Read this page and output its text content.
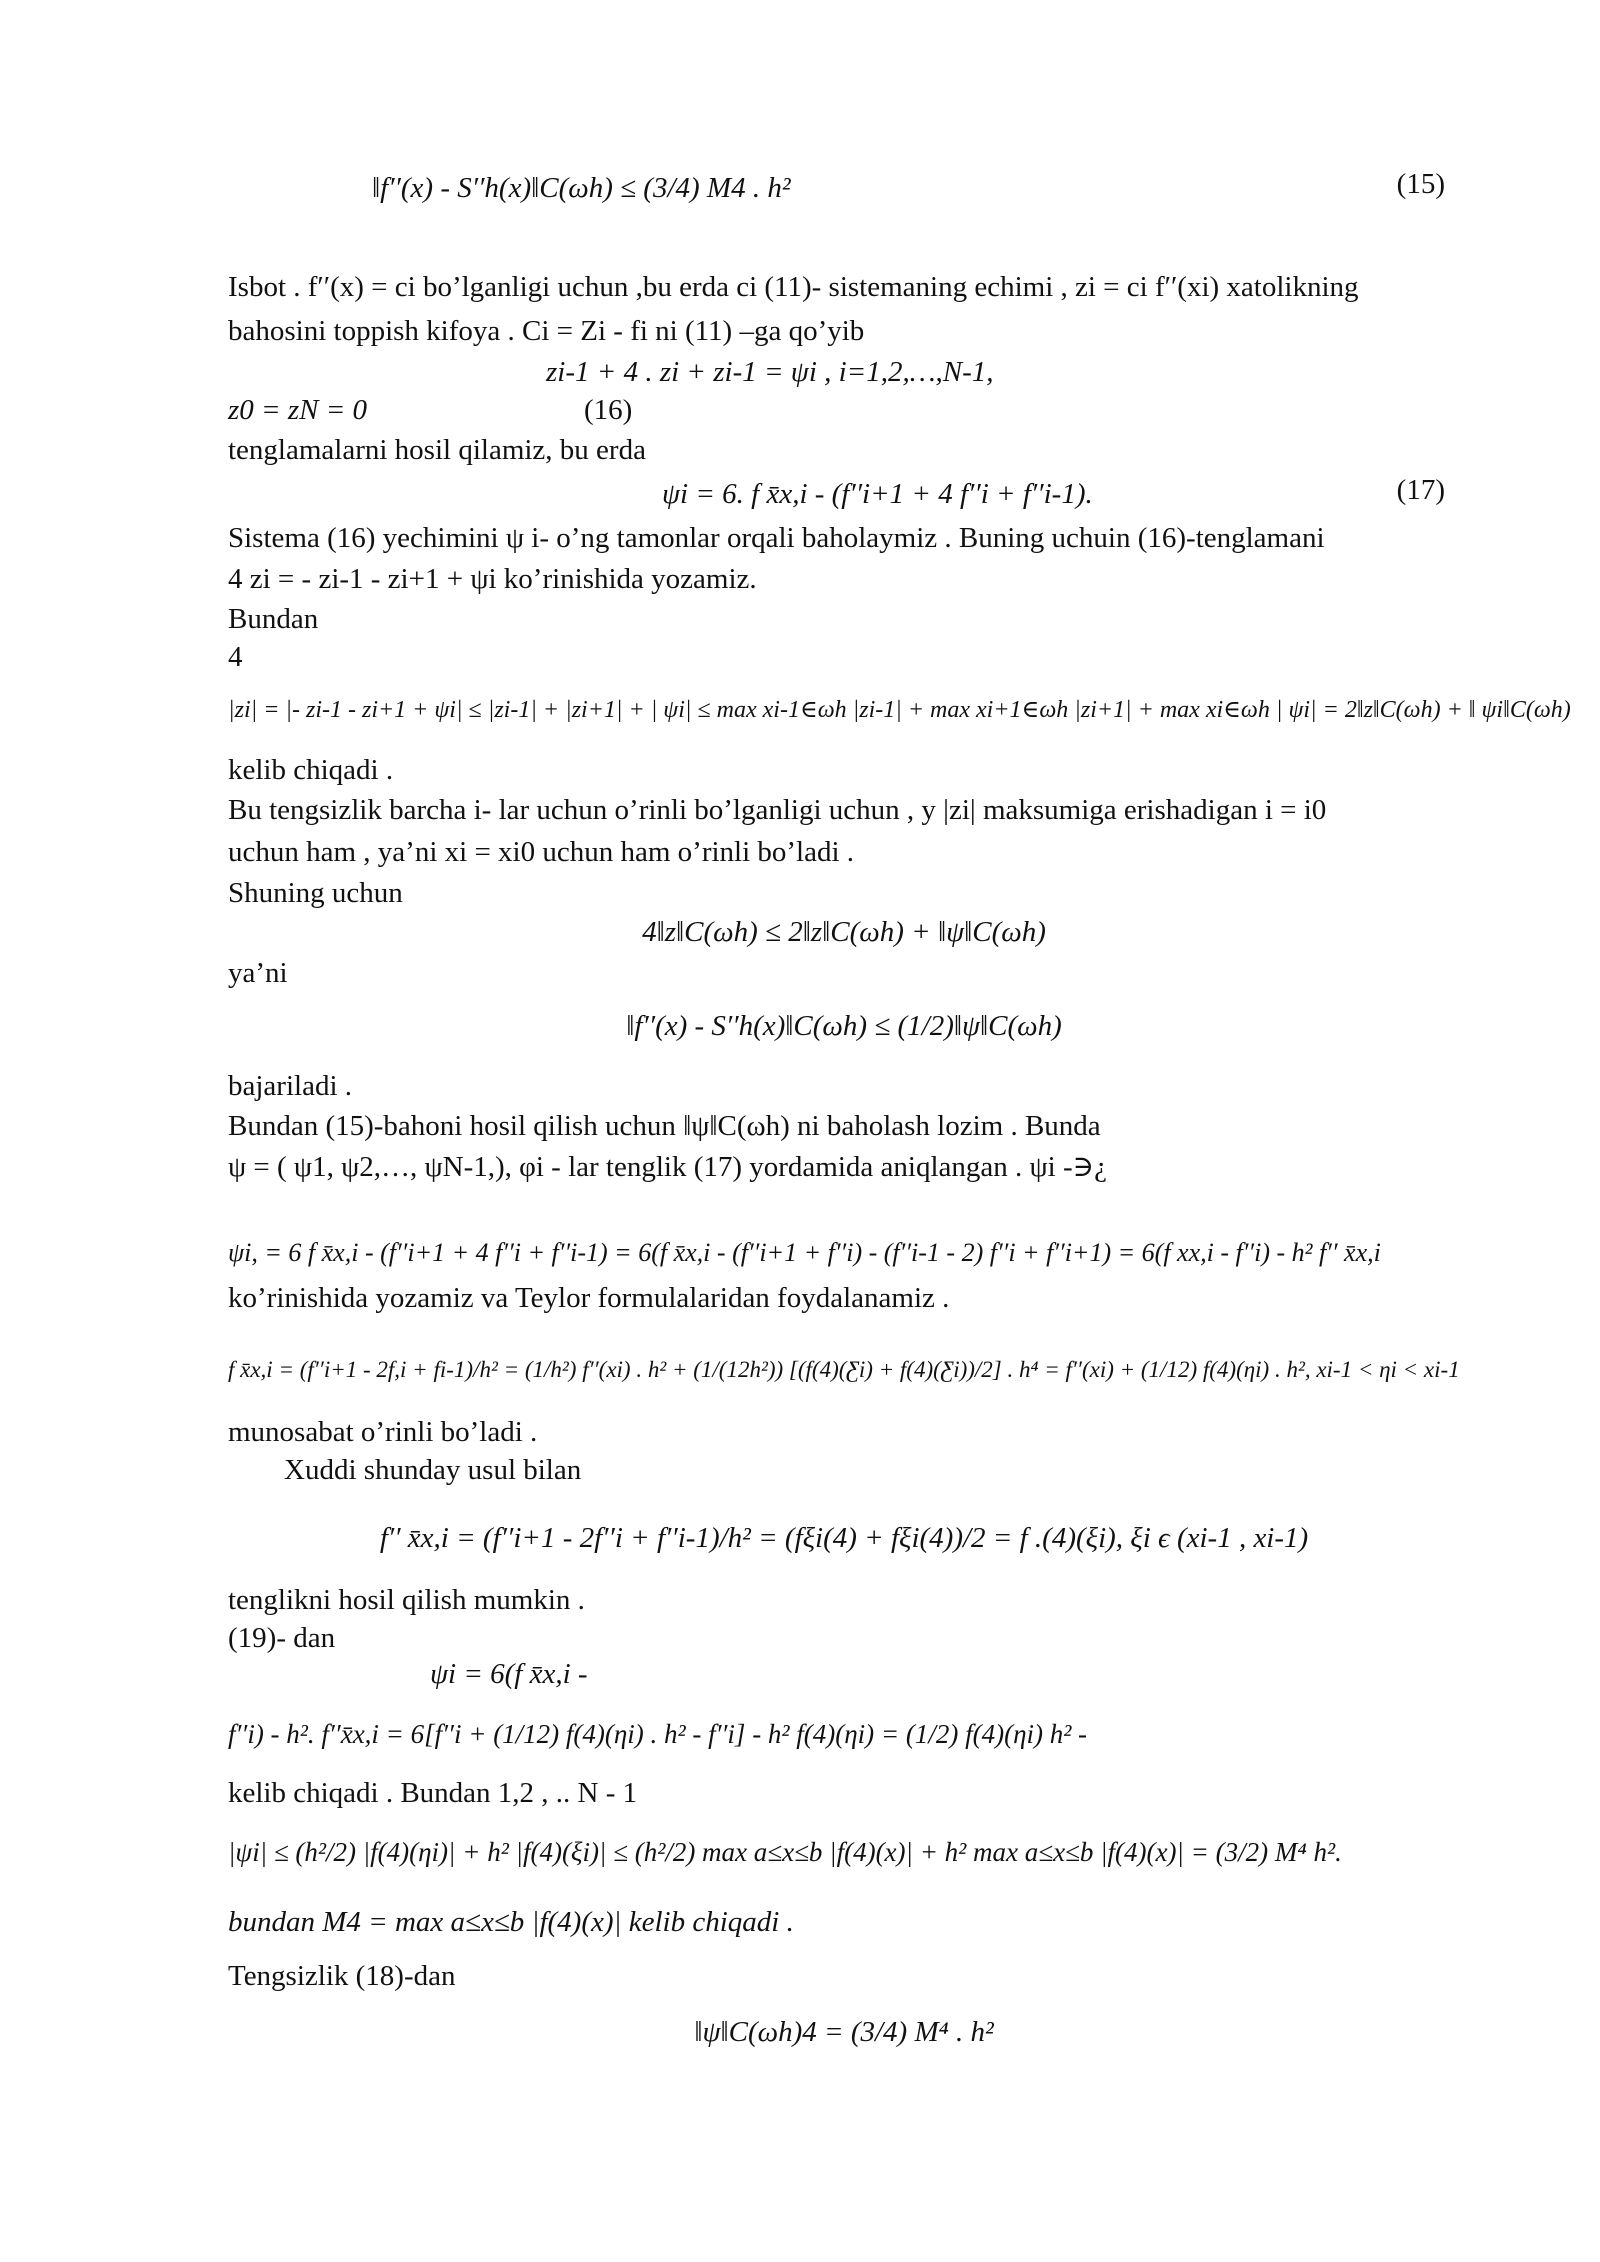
‖f′′(x) - S′′h(x)‖C(ωh) ≤ (3/4) M4 . h²	(15)
Isbot . f′′(x) = ci bo’lganligi uchun ,bu erda ci (11)- sistemaning echimi , zi = ci f′′(xi) xatolikning
bahosini toppish kifoya . Ci = Zi - fi ni (11) –ga qo’yib
zi-1 + 4 . zi + zi-1 = ψi , i=1,2,…,N-1,
z0 = zN = 0	(16)
tenglamalarni hosil qilamiz, bu erda
ψi = 6. f x̄x,i - (f′′i+1 + 4 f′′i + f′′i-1).	(17)
Sistema (16) yechimini ψ i- o’ng tamonlar orqali baholaymiz . Buning uchuin (16)-tenglamani
4 zi = - zi-1 - zi+1 + ψi ko’rinishida yozamiz.
Bundan
4
|zi| = |- zi-1 - zi+1 + ψi| ≤ |zi-1| + |zi+1| + | ψi| ≤ max xi-1∈ωh |zi-1| + max xi+1∈ωh |zi+1| + max xi∈ωh | ψi| = 2‖z‖C(ωh) + ‖ ψi‖C(ωh)
kelib chiqadi .
Bu tengsizlik barcha i- lar uchun o’rinli bo’lganligi uchun , y |zi| maksumiga erishadigan i = i0
uchun ham , ya’ni xi = xi0 uchun ham o’rinli bo’ladi .
Shuning uchun
4‖z‖C(ωh) ≤ 2‖z‖C(ωh) + ‖ψ‖C(ωh)
ya’ni
‖f′′(x) - S′′h(x)‖C(ωh) ≤ (1/2)‖ψ‖C(ωh)
bajariladi .
Bundan (15)-bahoni hosil qilish uchun ‖ψ‖C(ωh) ni baholash lozim . Bunda
ψ = ( ψ1, ψ2,…, ψN-1,), φi - lar tenglik (17) yordamida aniqlangan . ψi -∋¿
ψi, = 6 f x̄x,i - (f′′i+1 + 4 f′′i + f′′i-1) = 6(f x̄x,i - (f′′i+1 + f′′i) - (f′′i-1 - 2) f′′i + f′′i+1) = 6(f xx,i - f′′i) - h² f′′ x̄x,i
ko’rinishida yozamiz va Teylor formulalaridan foydalanamiz .
f x̄x,i = (f′′i+1 - 2f,i + fi-1)/h² = (1/h²) f′′(xi) . h² + (1/(12h²)) [(f(4)(Ƹi) + f(4)(Ƹi))/2] . h⁴ = f′′(xi) + (1/12) f(4)(ηi) . h², xi-1 < ηi < xi-1
munosabat o’rinli bo’ladi .
Xuddi shunday usul bilan
f′′ x̄x,i = (f′′i+1 - 2f′′i + f′′i-1)/h² = (fξi(4) + fξi(4))/2 = f .(4)(ξi), ξi ϵ (xi-1 , xi-1)
tenglikni hosil qilish mumkin .
(19)- dan
ψi = 6(f x̄x,i -
f′′i) - h². f′′x̄x,i = 6[f′′i + (1/12) f(4)(ηi) . h² - f′′i] - h² f(4)(ηi) = (1/2) f(4)(ηi) h² -
kelib chiqadi . Bundan 1,2 , .. N - 1
|ψi| ≤ (h²/2) |f(4)(ηi)| + h² |f(4)(ξi)| ≤ (h²/2) max a≤x≤b |f(4)(x)| + h² max a≤x≤b |f(4)(x)| = (3/2) M⁴ h².
bundan M4 = max a≤x≤b |f(4)(x)| kelib chiqadi .
Tengsizlik (18)-dan
‖ψ‖C(ωh)4 = (3/4) M⁴ . h²
